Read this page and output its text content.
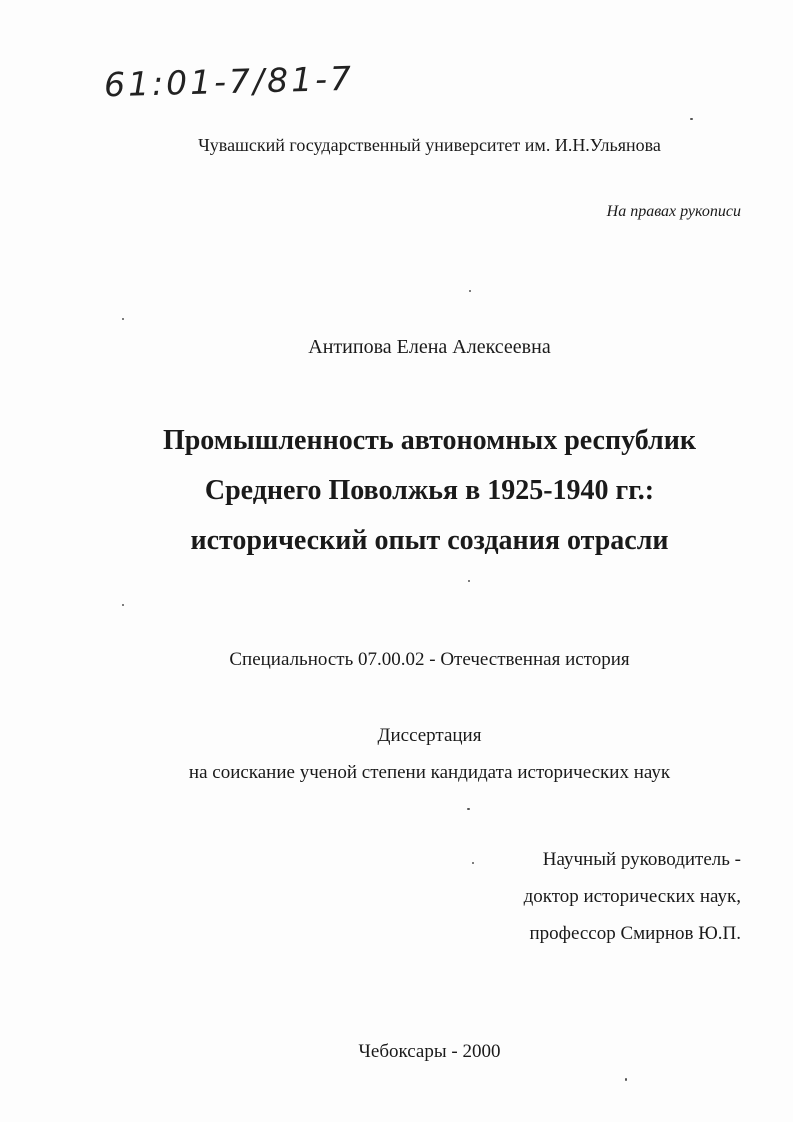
61:01-7/81-7
Чувашский государственный университет им. И.Н.Ульянова
На правах рукописи
Антипова Елена Алексеевна
Промышленность автономных республик
Среднего Поволжья в 1925-1940 гг.:
исторический опыт создания отрасли
Специальность 07.00.02 - Отечественная история
Диссертация
на соискание ученой степени кандидата исторических наук
Научный руководитель -
доктор исторических наук,
профессор Смирнов Ю.П.
Чебоксары - 2000
